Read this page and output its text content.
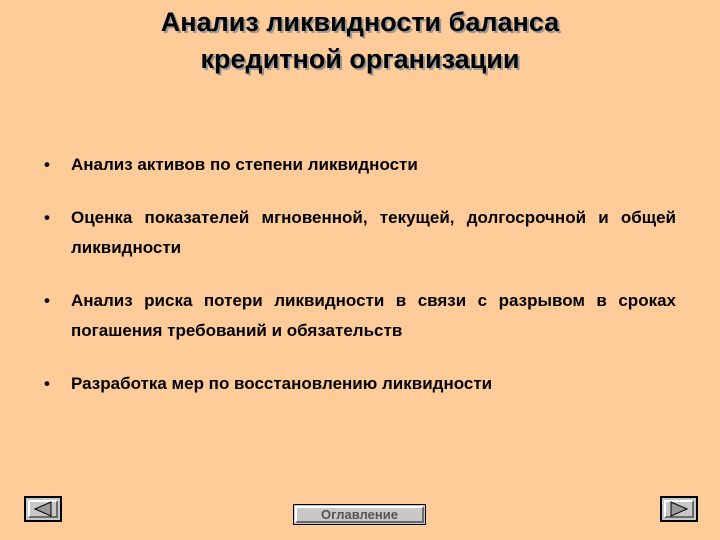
Анализ ликвидности баланса
кредитной организации
• Анализ активов по степени ликвидности
• Оценка показателей мгновенной, текущей, долгосрочной и общей ликвидности
• Анализ риска потери ликвидности в связи с разрывом в сроках погашения требований и обязательств
• Разработка мер по восстановлению ликвидности
Оглавление
